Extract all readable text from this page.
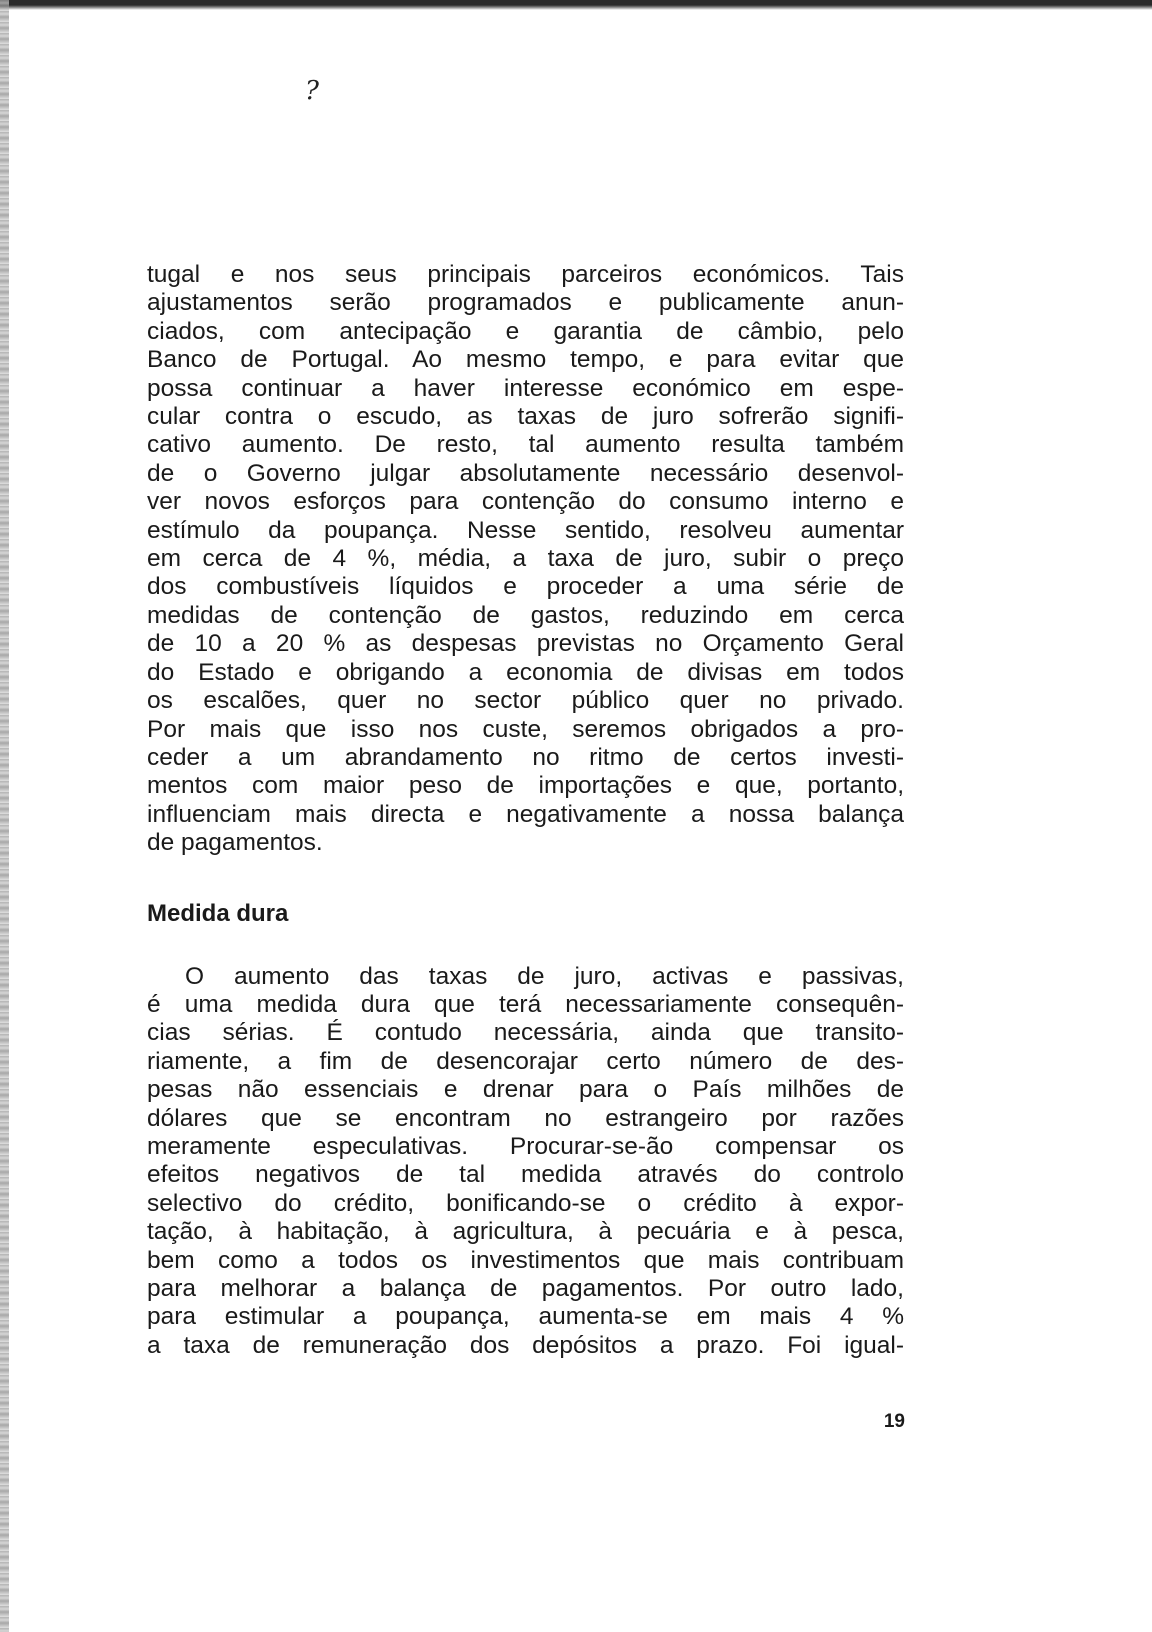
?
tugal e nos seus principais parceiros económicos. Tais
ajustamentos serão programados e publicamente anun-
ciados, com antecipação e garantia de câmbio, pelo
Banco de Portugal. Ao mesmo tempo, e para evitar que
possa continuar a haver interesse económico em espe-
cular contra o escudo, as taxas de juro sofrerão signifi-
cativo aumento. De resto, tal aumento resulta também
de o Governo julgar absolutamente necessário desenvol-
ver novos esforços para contenção do consumo interno e
estímulo da poupança. Nesse sentido, resolveu aumentar
em cerca de 4 %, média, a taxa de juro, subir o preço
dos combustíveis líquidos e proceder a uma série de
medidas de contenção de gastos, reduzindo em cerca
de 10 a 20 % as despesas previstas no Orçamento Geral
do Estado e obrigando a economia de divisas em todos
os escalões, quer no sector público quer no privado.
Por mais que isso nos custe, seremos obrigados a pro-
ceder a um abrandamento no ritmo de certos investi-
mentos com maior peso de importações e que, portanto,
influenciam mais directa e negativamente a nossa balança
de pagamentos.
Medida dura
O aumento das taxas de juro, activas e passivas,
é uma medida dura que terá necessariamente consequên-
cias sérias. É contudo necessária, ainda que transito-
riamente, a fim de desencorajar certo número de des-
pesas não essenciais e drenar para o País milhões de
dólares que se encontram no estrangeiro por razões
meramente especulativas. Procurar-se-ão compensar os
efeitos negativos de tal medida através do controlo
selectivo do crédito, bonificando-se o crédito à expor-
tação, à habitação, à agricultura, à pecuária e à pesca,
bem como a todos os investimentos que mais contribuam
para melhorar a balança de pagamentos. Por outro lado,
para estimular a poupança, aumenta-se em mais 4 %
a taxa de remuneração dos depósitos a prazo. Foi igual-
19
